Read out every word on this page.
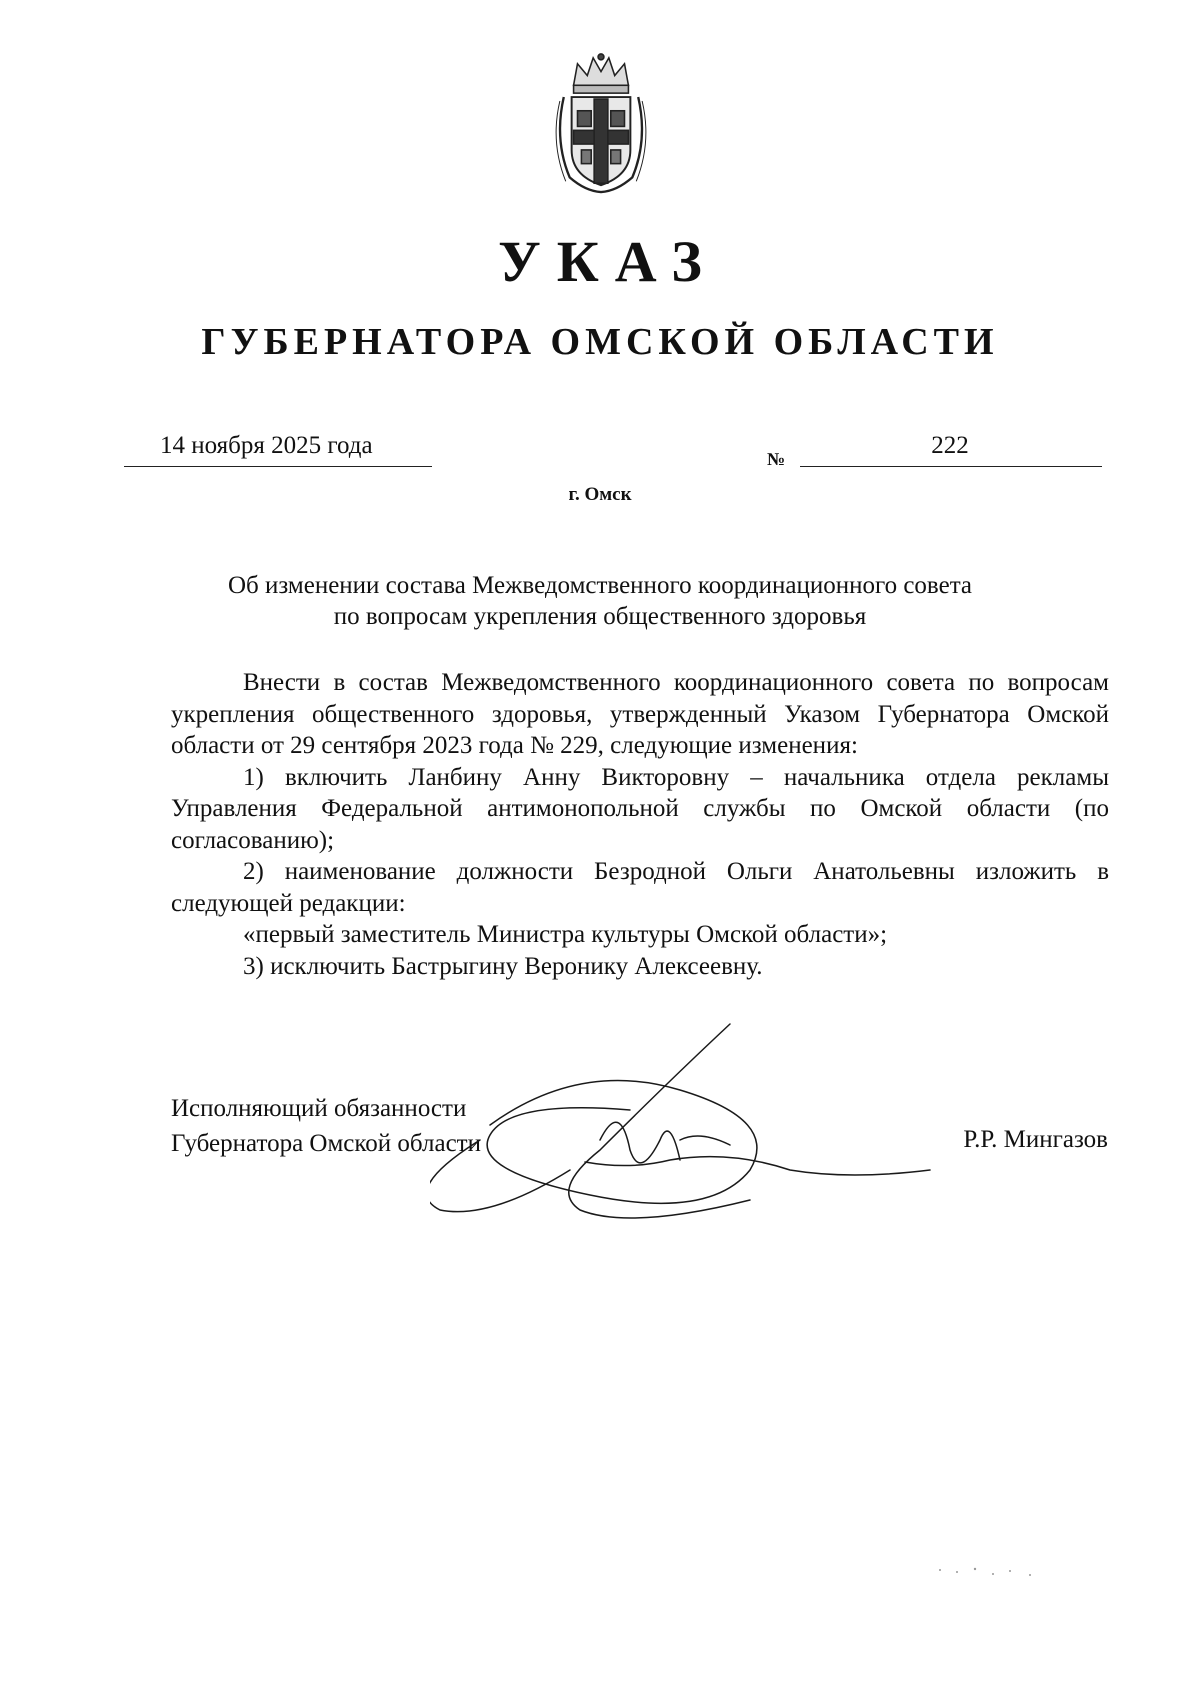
УКАЗ
ГУБЕРНАТОРА ОМСКОЙ ОБЛАСТИ
14 ноября 2025 года	№	222
г. Омск

Об изменении состава Межведомственного координационного совета

по вопросам укрепления общественного здоровья

Внести в состав Межведомственного координационного совета по вопросам укрепления общественного здоровья, утвержденный Указом Губернатора Омской области от 29 сентября 2023 года № 229, следующие изменения:

1) включить Ланбину Анну Викторовну – начальника отдела рекламы Управления Федеральной антимонопольной службы по Омской области (по согласованию);

2) наименование должности Безродной Ольги Анатольевны изложить в следующей редакции:

«первый заместитель Министра культуры Омской области»;

3) исключить Бастрыгину Веронику Алексеевну.

Исполняющий обязанности
Губернатора Омской области	Р.Р. Мингазов
